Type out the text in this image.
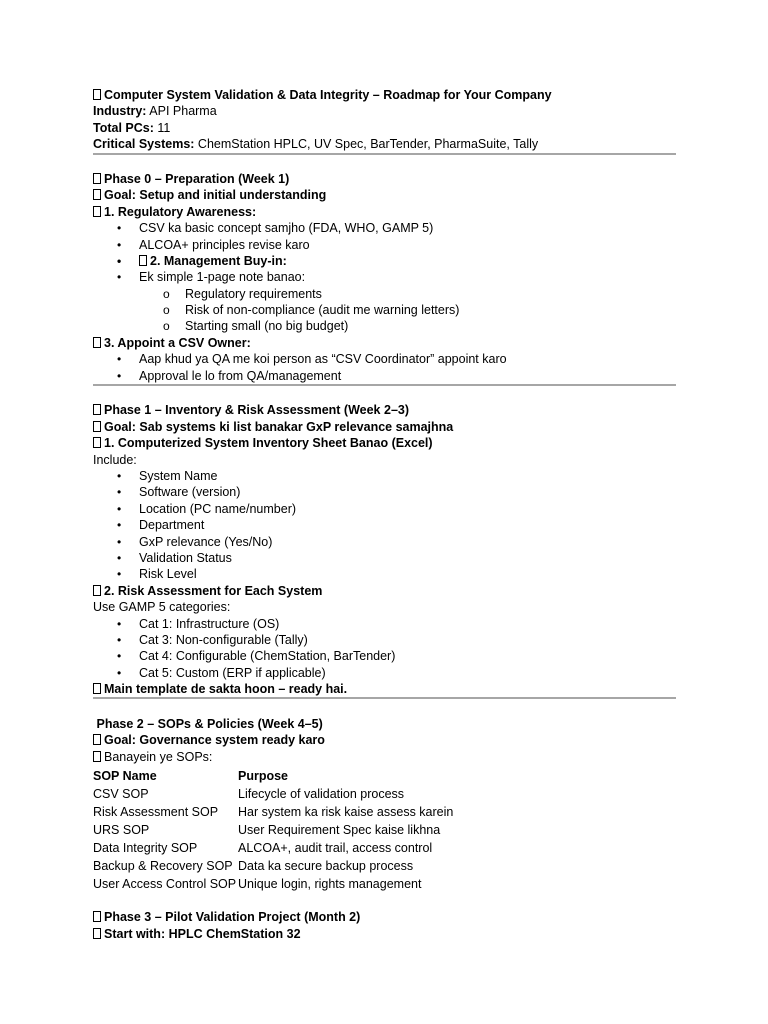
Computer System Validation & Data Integrity – Roadmap for Your Company
Industry: API Pharma
Total PCs: 11
Critical Systems: ChemStation HPLC, UV Spec, BarTender, PharmaSuite, Tally
Phase 0 – Preparation (Week 1)
Goal: Setup and initial understanding
1. Regulatory Awareness:
• CSV ka basic concept samjho (FDA, WHO, GAMP 5)
• ALCOA+ principles revise karo
• 2. Management Buy-in:
• Ek simple 1-page note banao:
o Regulatory requirements
o Risk of non-compliance (audit me warning letters)
o Starting small (no big budget)
3. Appoint a CSV Owner:
• Aap khud ya QA me koi person as “CSV Coordinator” appoint karo
• Approval le lo from QA/management
Phase 1 – Inventory & Risk Assessment (Week 2–3)
Goal: Sab systems ki list banakar GxP relevance samajhna
1. Computerized System Inventory Sheet Banao (Excel)
Include:
• System Name
• Software (version)
• Location (PC name/number)
• Department
• GxP relevance (Yes/No)
• Validation Status
• Risk Level
2. Risk Assessment for Each System
Use GAMP 5 categories:
• Cat 1: Infrastructure (OS)
• Cat 3: Non-configurable (Tally)
• Cat 4: Configurable (ChemStation, BarTender)
• Cat 5: Custom (ERP if applicable)
Main template de sakta hoon – ready hai.
Phase 2 – SOPs & Policies (Week 4–5)
Goal: Governance system ready karo
Banayein ye SOPs:
SOP Name	Purpose
CSV SOP	Lifecycle of validation process
Risk Assessment SOP	Har system ka risk kaise assess karein
URS SOP	User Requirement Spec kaise likhna
Data Integrity SOP	ALCOA+, audit trail, access control
Backup & Recovery SOP	Data ka secure backup process
User Access Control SOP	Unique login, rights management
Phase 3 – Pilot Validation Project (Month 2)
Start with: HPLC ChemStation 32
